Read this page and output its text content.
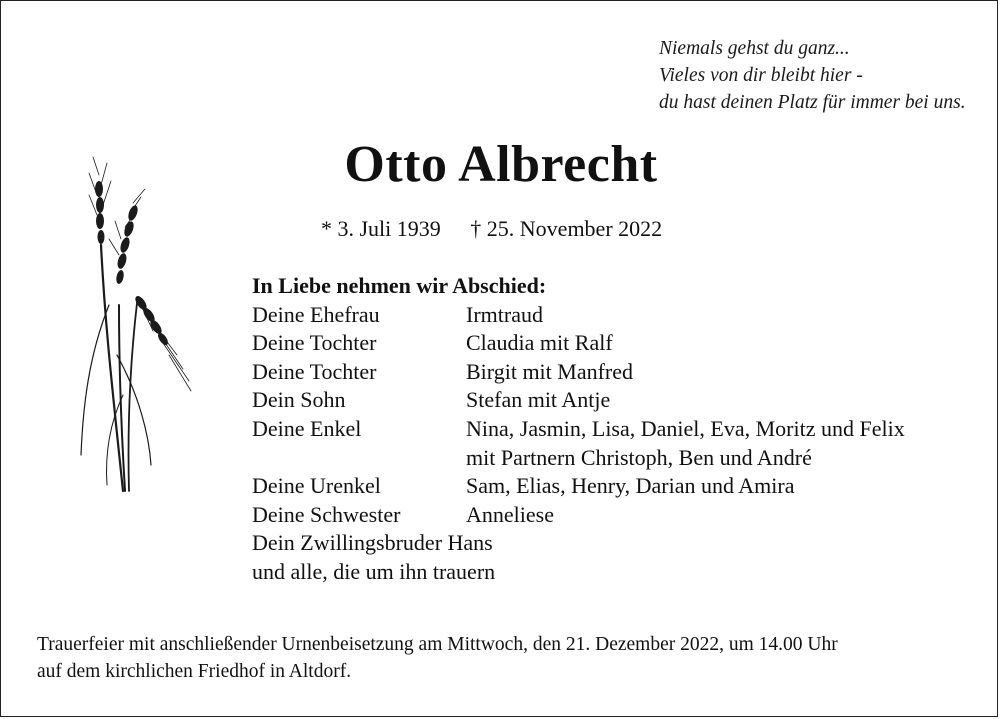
Niemals gehst du ganz...
Vieles von dir bleibt hier -
du hast deinen Platz für immer bei uns.
Otto Albrecht
* 3. Juli 1939 † 25. November 2022
In Liebe nehmen wir Abschied:
Deine Ehefrau	Irmtraud
Deine Tochter	Claudia mit Ralf
Deine Tochter	Birgit mit Manfred
Dein Sohn	Stefan mit Antje
Deine Enkel	Nina, Jasmin, Lisa, Daniel, Eva, Moritz und Felix
mit Partnern Christoph, Ben und André
Deine Urenkel	Sam, Elias, Henry, Darian und Amira
Deine Schwester	Anneliese
Dein Zwillingsbruder Hans
und alle, die um ihn trauern
Trauerfeier mit anschließender Urnenbeisetzung am Mittwoch, den 21. Dezember 2022, um 14.00 Uhr
auf dem kirchlichen Friedhof in Altdorf.
